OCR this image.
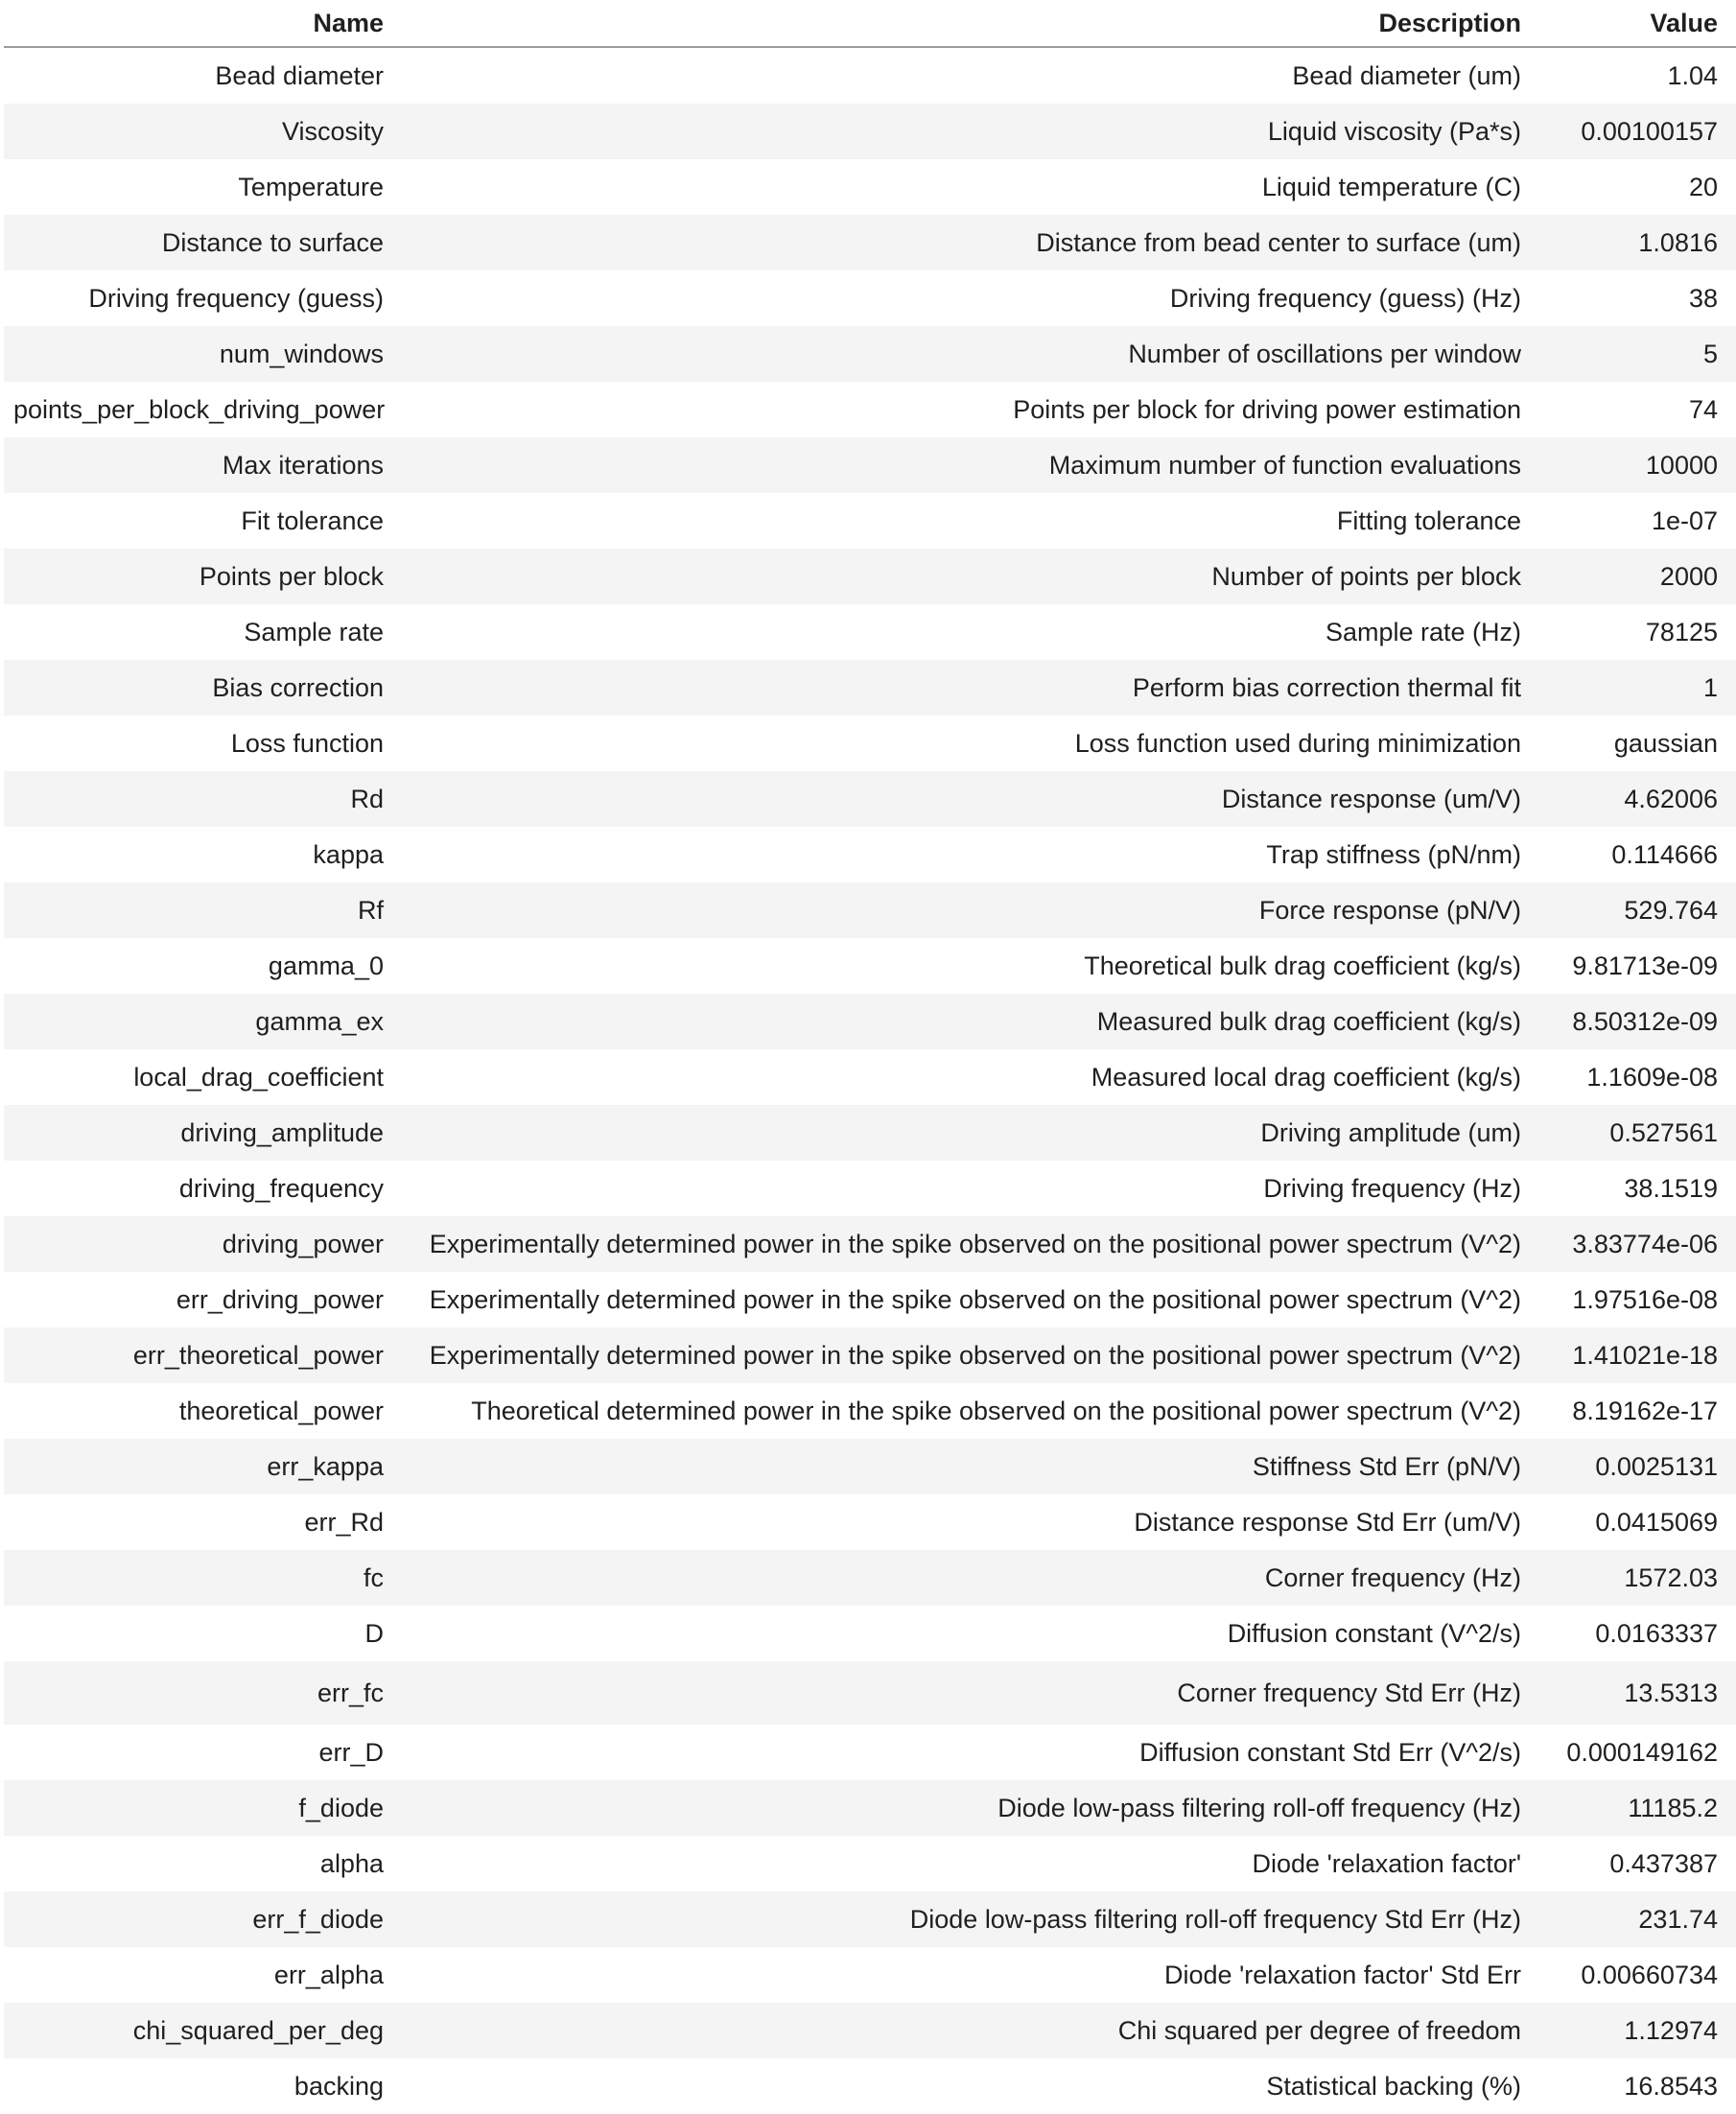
Name	Description	Value
Bead diameter	Bead diameter (um)	1.04
Viscosity	Liquid viscosity (Pa*s)	0.00100157
Temperature	Liquid temperature (C)	20
Distance to surface	Distance from bead center to surface (um)	1.0816
Driving frequency (guess)	Driving frequency (guess) (Hz)	38
num_windows	Number of oscillations per window	5
points_per_block_driving_power	Points per block for driving power estimation	74
Max iterations	Maximum number of function evaluations	10000
Fit tolerance	Fitting tolerance	1e-07
Points per block	Number of points per block	2000
Sample rate	Sample rate (Hz)	78125
Bias correction	Perform bias correction thermal fit	1
Loss function	Loss function used during minimization	gaussian
Rd	Distance response (um/V)	4.62006
kappa	Trap stiffness (pN/nm)	0.114666
Rf	Force response (pN/V)	529.764
gamma_0	Theoretical bulk drag coefficient (kg/s)	9.81713e-09
gamma_ex	Measured bulk drag coefficient (kg/s)	8.50312e-09
local_drag_coefficient	Measured local drag coefficient (kg/s)	1.1609e-08
driving_amplitude	Driving amplitude (um)	0.527561
driving_frequency	Driving frequency (Hz)	38.1519
driving_power	Experimentally determined power in the spike observed on the positional power spectrum (V^2)	3.83774e-06
err_driving_power	Experimentally determined power in the spike observed on the positional power spectrum (V^2)	1.97516e-08
err_theoretical_power	Experimentally determined power in the spike observed on the positional power spectrum (V^2)	1.41021e-18
theoretical_power	Theoretical determined power in the spike observed on the positional power spectrum (V^2)	8.19162e-17
err_kappa	Stiffness Std Err (pN/V)	0.0025131
err_Rd	Distance response Std Err (um/V)	0.0415069
fc	Corner frequency (Hz)	1572.03
D	Diffusion constant (V^2/s)	0.0163337
err_fc	Corner frequency Std Err (Hz)	13.5313
err_D	Diffusion constant Std Err (V^2/s)	0.000149162
f_diode	Diode low-pass filtering roll-off frequency (Hz)	11185.2
alpha	Diode 'relaxation factor'	0.437387
err_f_diode	Diode low-pass filtering roll-off frequency Std Err (Hz)	231.74
err_alpha	Diode 'relaxation factor' Std Err	0.00660734
chi_squared_per_deg	Chi squared per degree of freedom	1.12974
backing	Statistical backing (%)	16.8543
